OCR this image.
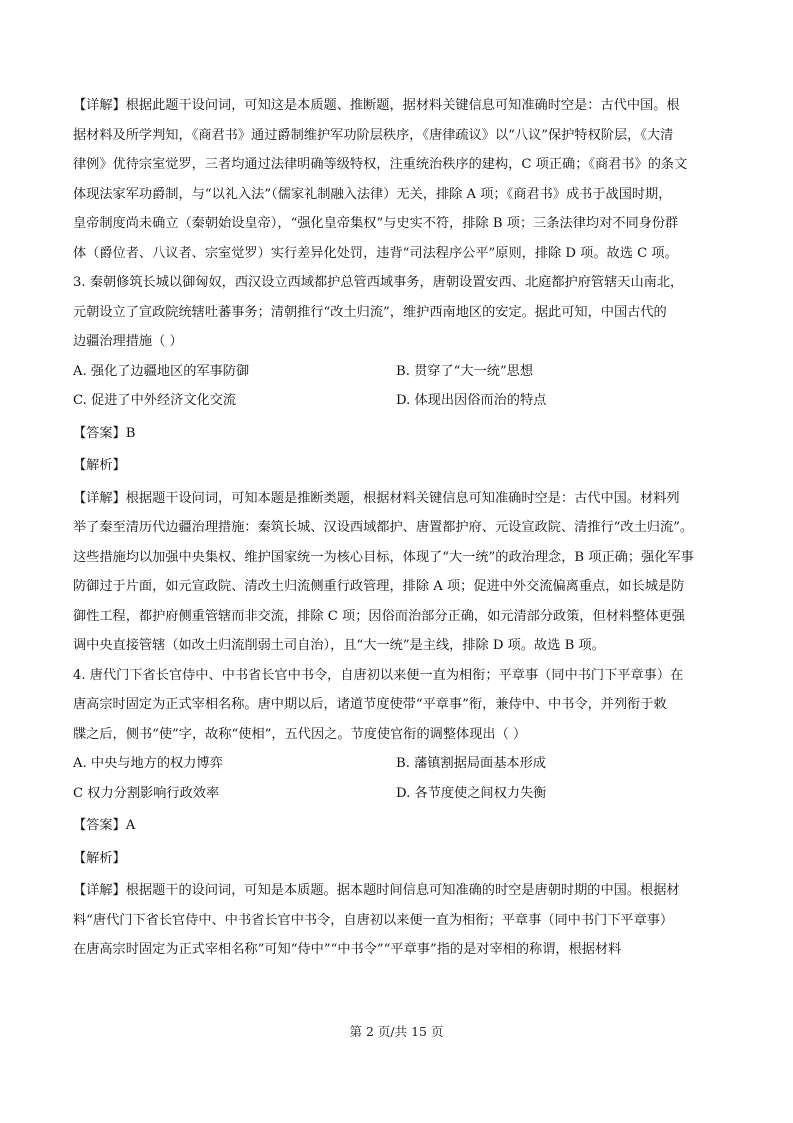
【详解】根据此题干设问词，可知这是本质题、推断题，据材料关键信息可知准确时空是：古代中国。根
据材料及所学判知，《商君书》通过爵制维护军功阶层秩序，《唐律疏议》以“八议”保护特权阶层，《大清
律例》优待宗室觉罗，三者均通过法律明确等级特权，注重统治秩序的建构，C 项正确；《商君书》的条文
体现法家军功爵制，与“以礼入法”（儒家礼制融入法律）无关，排除 A 项；《商君书》成书于战国时期，
皇帝制度尚未确立（秦朝始设皇帝），“强化皇帝集权”与史实不符，排除 B 项；三条法律均对不同身份群
体（爵位者、八议者、宗室觉罗）实行差异化处罚，违背“司法程序公平”原则，排除 D 项。故选 C 项。
3. 秦朝修筑长城以御匈奴，西汉设立西域都护总管西域事务，唐朝设置安西、北庭都护府管辖天山南北，
元朝设立了宣政院统辖吐蕃事务；清朝推行“改土归流”，维护西南地区的安定。据此可知，中国古代的
边疆治理措施（ ）
A. 强化了边疆地区的军事防御	B. 贯穿了“大一统”思想
C. 促进了中外经济文化交流	D. 体现出因俗而治的特点
【答案】B
【解析】
【详解】根据题干设问词，可知本题是推断类题，根据材料关键信息可知准确时空是：古代中国。材料列
举了秦至清历代边疆治理措施：秦筑长城、汉设西域都护、唐置都护府、元设宣政院、清推行“改土归流”。
这些措施均以加强中央集权、维护国家统一为核心目标，体现了“大一统”的政治理念，B 项正确；强化军事
防御过于片面，如元宣政院、清改土归流侧重行政管理，排除 A 项；促进中外交流偏离重点，如长城是防
御性工程，都护府侧重管辖而非交流，排除 C 项；因俗而治部分正确，如元清部分政策，但材料整体更强
调中央直接管辖（如改土归流削弱土司自治），且“大一统”是主线，排除 D 项。故选 B 项。
4. 唐代门下省长官侍中、中书省长官中书令，自唐初以来便一直为相衔；平章事（同中书门下平章事）在
唐高宗时固定为正式宰相名称。唐中期以后，诸道节度使带“平章事”衔，兼侍中、中书令，并列衔于敕
牒之后，侧书“使”字，故称“使相”，五代因之。节度使官衔的调整体现出（ ）
A. 中央与地方的权力博弈	B. 藩镇割据局面基本形成
C 权力分割影响行政效率	D. 各节度使之间权力失衡
【答案】A
【解析】
【详解】根据题干的设问词，可知是本质题。据本题时间信息可知准确的时空是唐朝时期的中国。根据材
料“唐代门下省长官侍中、中书省长官中书令，自唐初以来便一直为相衔；平章事（同中书门下平章事）
在唐高宗时固定为正式宰相名称”可知“侍中”“中书令”“平章事”指的是对宰相的称谓，根据材料
第 2 页/共 15 页
